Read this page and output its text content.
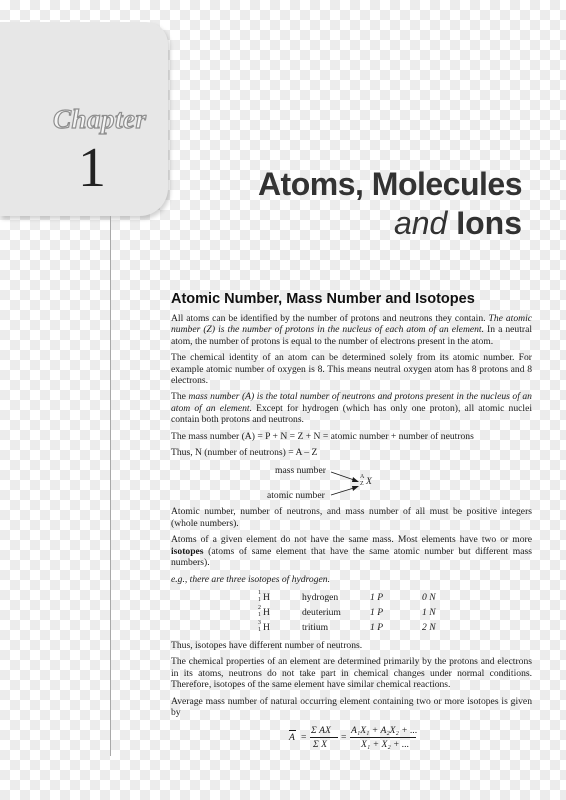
Chapter
1	Atoms, Molecules
and Ions
Atomic Number, Mass Number and Isotopes

All atoms can be identified by the number of protons and neutrons they contain. The atomic number (Z) is the number of protons in the nucleus of each atom of an element. In a neutral atom, the number of protons is equal to the number of electrons present in the atom.

The chemical identity of an atom can be determined solely from its atomic number. For example atomic number of oxygen is 8. This means neutral oxygen atom has 8 protons and 8 electrons.

The mass number (A) is the total number of neutrons and protons present in the nucleus of an atom of an element. Except for hydrogen (which has only one proton), all atomic nuclei contain both protons and neutrons.

The mass number (A) = P + N = Z + N = atomic number + number of neutrons

Thus, N (number of neutrons) = A – Z

mass number
atomic number
A
Z X

Atomic number, number of neutrons, and mass number of all must be positive integers (whole numbers).

Atoms of a given element do not have the same mass. Most elements have two or more isotopes (atoms of same element that have the same atomic number but different mass numbers).

e.g., there are three isotopes of hydrogen.

1
1 H	hydrogen	1 P	0 N

2
1 H	deuterium	1 P	1 N

3
1 H	tritium	1 P	2 N

Thus, isotopes have different number of neutrons.

The chemical properties of an element are determined primarily by the protons and electrons in its atoms, neutrons do not take part in chemical changes under normal conditions. Therefore, isotopes of the same element have similar chemical reactions.

Average mass number of natural occurring element containing two or more isotopes is given by

A =
Σ AX
Σ X
=
A₁X₁ + A₂X₂ + ...
X₁ + X₂ + ...
